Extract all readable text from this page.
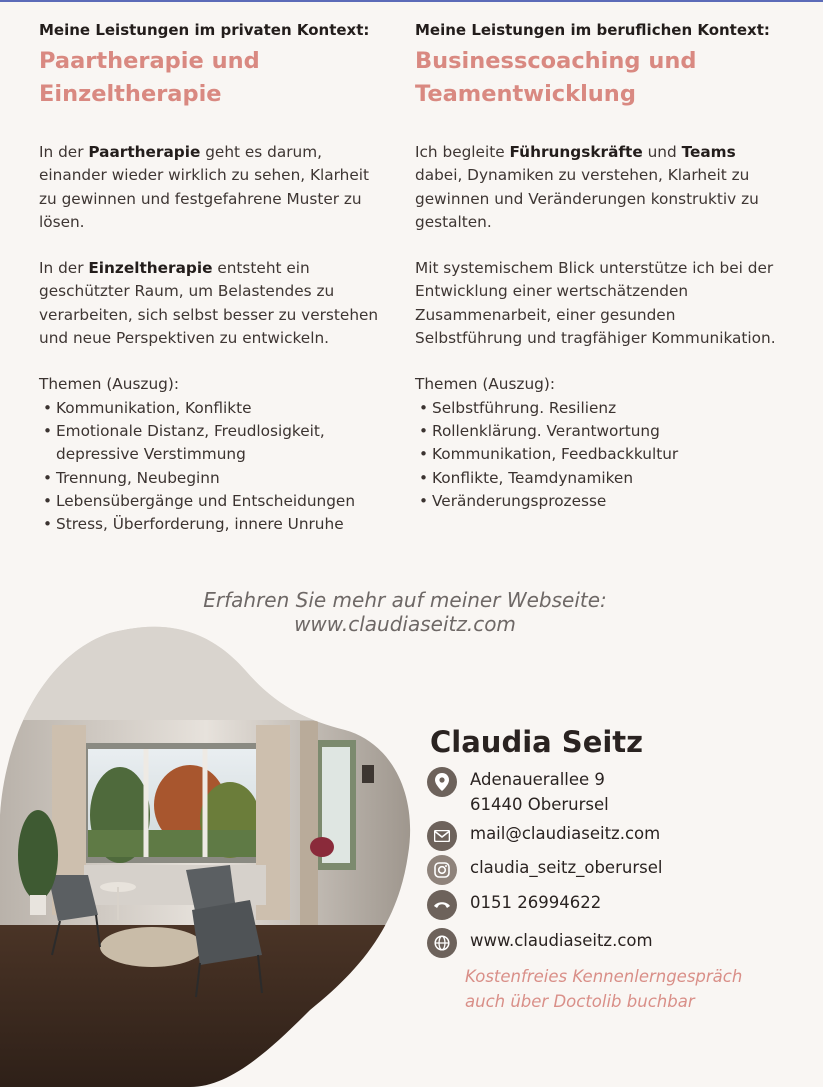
Meine Leistungen im privaten Kontext:

Paartherapie und
Einzeltherapie

In der Paartherapie geht es darum, einander wieder wirklich zu sehen, Klarheit zu gewinnen und festgefahrene Muster zu lösen.

In der Einzeltherapie entsteht ein geschützter Raum, um Belastendes zu verarbeiten, sich selbst besser zu verstehen und neue Perspektiven zu entwickeln.

Themen (Auszug):

• Kommunikation, Konflikte
• Emotionale Distanz, Freudlosigkeit, depressive Verstimmung
• Trennung, Neubeginn
• Lebensübergänge und Entscheidungen
• Stress, Überforderung, innere Unruhe

Meine Leistungen im beruflichen Kontext:

Businesscoaching und
Teamentwicklung

Ich begleite Führungskräfte und Teams dabei, Dynamiken zu verstehen, Klarheit zu gewinnen und Veränderungen konstruktiv zu gestalten.

Mit systemischem Blick unterstütze ich bei der Entwicklung einer wertschätzenden Zusammenarbeit, einer gesunden Selbstführung und tragfähiger Kommunikation.

Themen (Auszug):

• Selbstführung. Resilienz
• Rollenklärung. Verantwortung
• Kommunikation, Feedbackkultur
• Konflikte, Teamdynamiken
• Veränderungsprozesse
Erfahren Sie mehr auf meiner Webseite:
www.claudiaseitz.com
Claudia Seitz
Adenauerallee 9
61440 Oberursel
mail@claudiaseitz.com
claudia_seitz_oberursel
0151 26994622
www.claudiaseitz.com
Kostenfreies Kennenlerngespräch
auch über Doctolib buchbar
